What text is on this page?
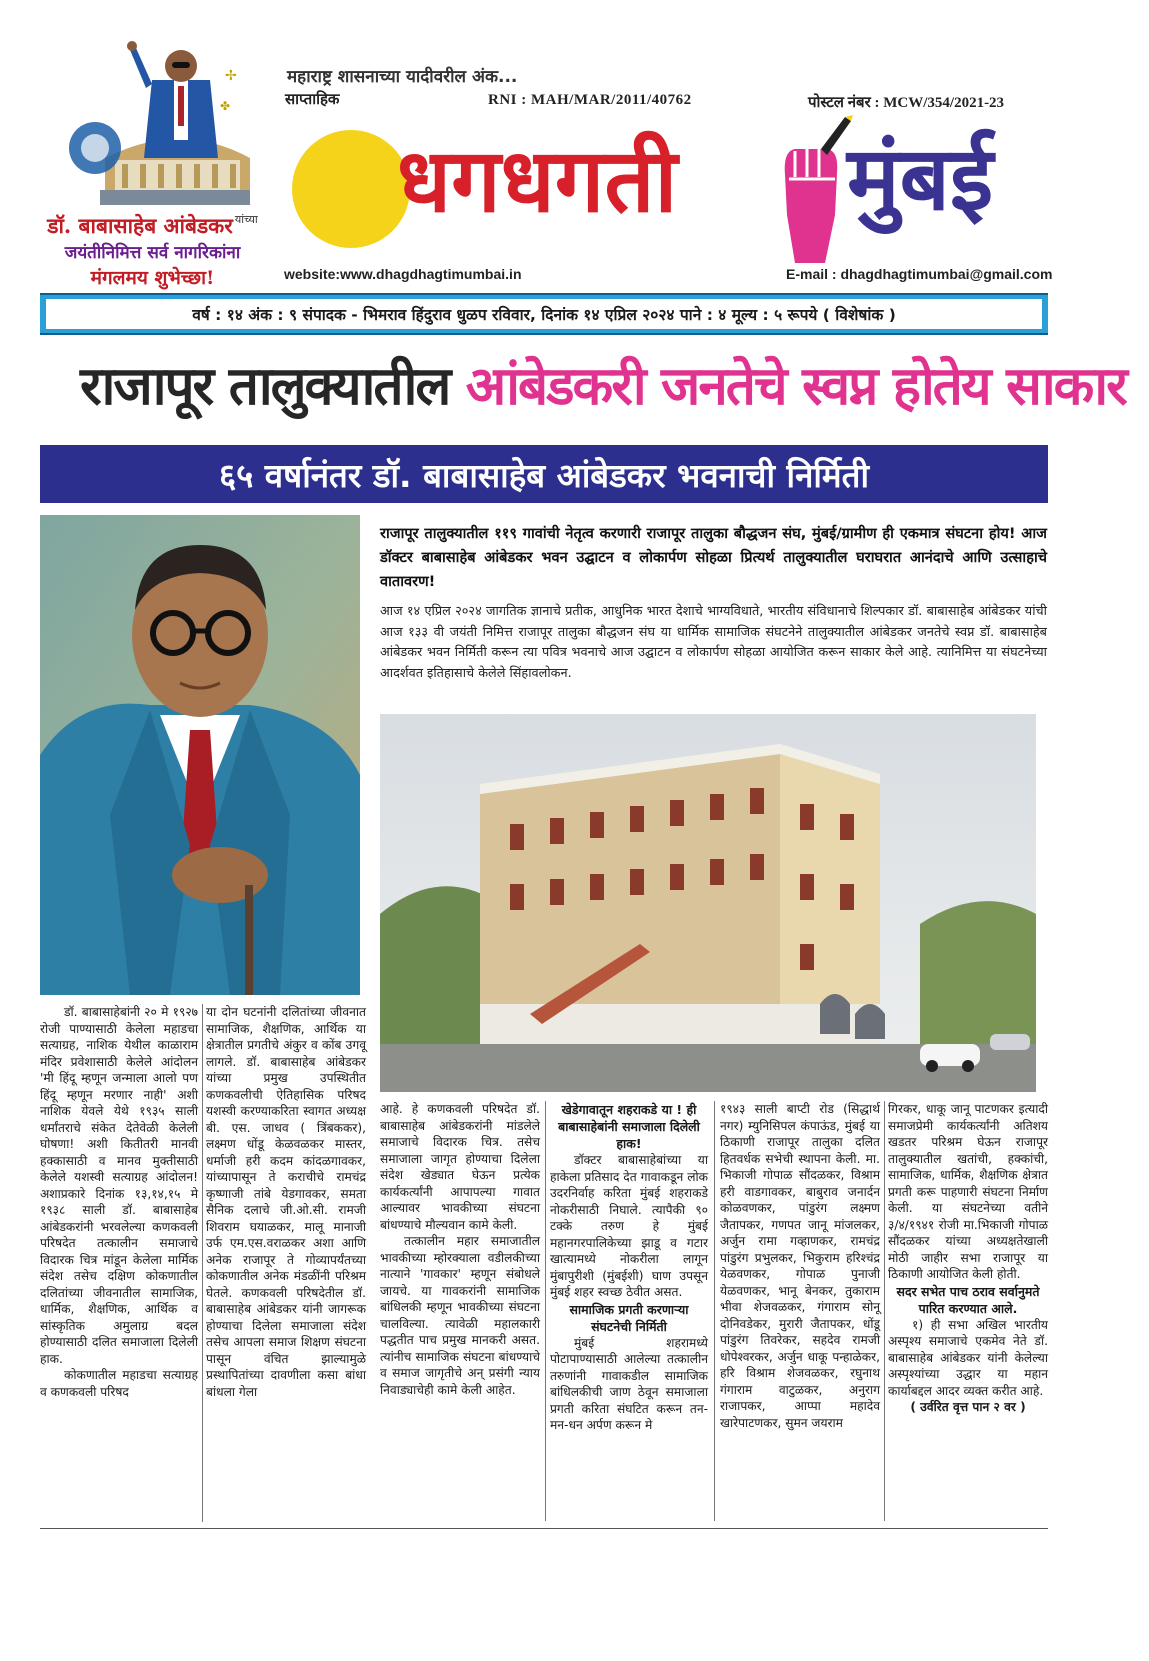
✢
✤
डॉ. बाबासाहेब आंबेडकर $^{यांच्या}$
जयंतीनिमित्त सर्व नागरिकांना
मंगलमय शुभेच्छा!
महाराष्ट्र शासनाच्या यादीवरील अंक...
साप्ताहिक	RNI : MAH/MAR/2011/40762	पोस्टल नंबर : MCW/354/2021-23
धगधगती मुंबई
website:www.dhagdhagtimumbai.in	E-mail : dhagdhagtimumbai@gmail.com
वर्ष : १४ अंक : ९ संपादक - भिमराव हिंदुराव धुळप रविवार, दिनांक १४ एप्रिल २०२४ पाने : ४ मूल्य : ५ रूपये ( विशेषांक )
राजापूर तालुक्यातील आंबेडकरी जनतेचे स्वप्न होतेय साकार
६५ वर्षानंतर डॉ. बाबासाहेब आंबेडकर भवनाची निर्मिती
राजापूर तालुक्यातील ११९ गावांची नेतृत्व करणारी राजापूर तालुका बौद्धजन संघ, मुंबई/ग्रामीण ही एकमात्र संघटना होय! आज डॉक्टर बाबासाहेब आंबेडकर भवन उद्घाटन व लोकार्पण सोहळा प्रित्यर्थ तालुक्यातील घराघरात आनंदाचे आणि उत्साहाचे वातावरण!
आज १४ एप्रिल २०२४ जागतिक ज्ञानाचे प्रतीक, आधुनिक भारत देशाचे भाग्यविधाते, भारतीय संविधानाचे शिल्पकार डॉ. बाबासाहेब आंबेडकर यांची आज १३३ वी जयंती निमित्त राजापूर तालुका बौद्धजन संघ या धार्मिक सामाजिक संघटनेने तालुक्यातील आंबेडकर जनतेचे स्वप्न डॉ. बाबासाहेब आंबेडकर भवन निर्मिती करून त्या पवित्र भवनाचे आज उद्घाटन व लोकार्पण सोहळा आयोजित करून साकार केले आहे. त्यानिमित्त या संघटनेच्या आदर्शवत इतिहासाचे केलेले सिंहावलोकन.

डॉ. बाबासाहेबांनी २० मे १९२७ रोजी पाण्यासाठी केलेला महाडचा सत्याग्रह, नाशिक येथील काळाराम मंदिर प्रवेशासाठी केलेले आंदोलन 'मी हिंदू म्हणून जन्माला आलो पण हिंदू म्हणून मरणार नाही' अशी नाशिक येवले येथे १९३५ साली धर्मांतराचे संकेत देतेवेळी केलेली घोषणा! अशी कितीतरी मानवी हक्कासाठी व मानव मुक्तीसाठी केलेले यशस्वी सत्याग्रह आंदोलन! अशाप्रकारे दिनांक १३,१४,१५ मे १९३८ साली डॉ. बाबासाहेब आंबेडकरांनी भरवलेल्या कणकवली परिषदेत तत्कालीन समाजाचे विदारक चित्र मांडून केलेला मार्मिक संदेश तसेच दक्षिण कोकणातील दलितांच्या जीवनातील सामाजिक, धार्मिक, शैक्षणिक, आर्थिक व सांस्कृतिक अमुलाग्र बदल होण्यासाठी दलित समाजाला दिलेली हाक.

कोकणातील महाडचा सत्याग्रह व कणकवली परिषद

या दोन घटनांनी दलितांच्या जीवनात सामाजिक, शैक्षणिक, आर्थिक या क्षेत्रातील प्रगतीचे अंकुर व कोंब उगवू लागले. डॉ. बाबासाहेब आंबेडकर यांच्या प्रमुख उपस्थितीत कणकवलीची ऐतिहासिक परिषद यशस्वी करण्याकरिता स्वागत अध्यक्ष बी. एस. जाधव ( त्रिंबककर), लक्ष्मण धोंडू केळवळकर मास्तर, धर्माजी हरी कदम कांदळगावकर, यांच्यापासून ते कराचीचे रामचंद्र कृष्णाजी तांबे येडगावकर, समता सैनिक दलाचे जी.ओ.सी. रामजी शिवराम घयाळकर, मालू मानाजी उर्फ एम.एस.वराळकर अशा आणि अनेक राजापूर ते गोव्यापर्यंतच्या कोकणातील अनेक मंडळींनी परिश्रम घेतले. कणकवली परिषदेतील डॉ. बाबासाहेब आंबेडकर यांनी जागरूक होण्याचा दिलेला समाजाला संदेश तसेच आपला समाज शिक्षण संघटना पासून वंचित झाल्यामुळे प्रस्थापितांच्या दावणीला कसा बांधा बांधला गेला

आहे. हे कणकवली परिषदेत डॉ. बाबासाहेब आंबेडकरांनी मांडलेले समाजाचे विदारक चित्र. तसेच समाजाला जागृत होण्याचा दिलेला संदेश खेड्यात घेऊन प्रत्येक कार्यकर्त्यांनी आपापल्या गावात आल्यावर भावकीच्या संघटना बांधण्याचे मौल्यवान कामे केली.

तत्कालीन महार समाजातील भावकीच्या म्होरक्याला वडीलकीच्या नात्याने 'गावकार' म्हणून संबोधले जायचे. या गावकरांनी सामाजिक बांधिलकी म्हणून भावकीच्या संघटना चालविल्या. त्यावेळी महालकारी पद्धतीत पाच प्रमुख मानकरी असत. त्यांनीच सामाजिक संघटना बांधण्याचे व समाज जागृतीचे अन् प्रसंगी न्याय निवाड्याचेही कामे केली आहेत.

खेडेगावातून शहराकडे या ! ही बाबासाहेबांनी समाजाला दिलेली हाक!

डॉक्टर बाबासाहेबांच्या या हाकेला प्रतिसाद देत गावाकडून लोक उदरनिर्वाह करिता मुंबई शहराकडे नोकरीसाठी निघाले. त्यापैकी ९० टक्के तरुण हे मुंबई महानगरपालिकेच्या झाडू व गटार खात्यामध्ये नोकरीला लागून मुंबापुरीशी (मुंबईशी) घाण उपसून मुंबई शहर स्वच्छ ठेवीत असत.

सामाजिक प्रगती करणाऱ्या संघटनेची निर्मिती

मुंबई शहरामध्ये पोटापाण्यासाठी आलेल्या तत्कालीन तरुणांनी गावाकडील सामाजिक बांधिलकीची जाण ठेवून समाजाला प्रगती करिता संघटित करून तन-मन-धन अर्पण करून मे

१९४३ साली बाप्टी रोड (सिद्धार्थ नगर) म्युनिसिपल कंपाऊंड, मुंबई या ठिकाणी राजापूर तालुका दलित हितवर्धक सभेची स्थापना केली. मा. भिकाजी गोपाळ सौंदळकर, विश्राम हरी वाडगावकर, बाबुराव जनार्दन कोळवणकर, पांडुरंग लक्ष्मण जैतापकर, गणपत जानू मांजलकर, अर्जुन रामा गव्हाणकर, रामचंद्र पांडुरंग प्रभुलकर, भिकुराम हरिश्चंद्र येळवणकर, गोपाळ पुनाजी येळवणकर, भानू बेनकर, तुकाराम भीवा शेजवळकर, गंगाराम सोनू दोनिवडेकर, मुरारी जैतापकर, धोंडू पांडुरंग तिवरेकर, सहदेव रामजी धोपेश्वरकर, अर्जुन धाकू पन्हाळेकर, हरि विश्राम शेजवळकर, रघुनाथ गंगाराम वाटुळकर, अनुराग राजापकर, आप्पा महादेव खारेपाटणकर, सुमन जयराम

गिरकर, धाकू जानू पाटणकर इत्यादी समाजप्रेमी कार्यकर्त्यांनी अतिशय खडतर परिश्रम घेऊन राजापूर तालुक्यातील खतांची, हक्कांची, सामाजिक, धार्मिक, शैक्षणिक क्षेत्रात प्रगती करू पाहणारी संघटना निर्माण केली. या संघटनेच्या वतीने ३/४/१९४१ रोजी मा.भिकाजी गोपाळ सौंदळकर यांच्या अध्यक्षतेखाली मोठी जाहीर सभा राजापूर या ठिकाणी आयोजित केली होती.

सदर सभेत पाच ठराव सर्वानुमते पारित करण्यात आले.

१) ही सभा अखिल भारतीय अस्पृश्य समाजाचे एकमेव नेते डॉ. बाबासाहेब आंबेडकर यांनी केलेल्या अस्पृश्यांच्या उद्धार या महान कार्याबद्दल आदर व्यक्त करीत आहे.

( उर्वरित वृत्त पान २ वर )
